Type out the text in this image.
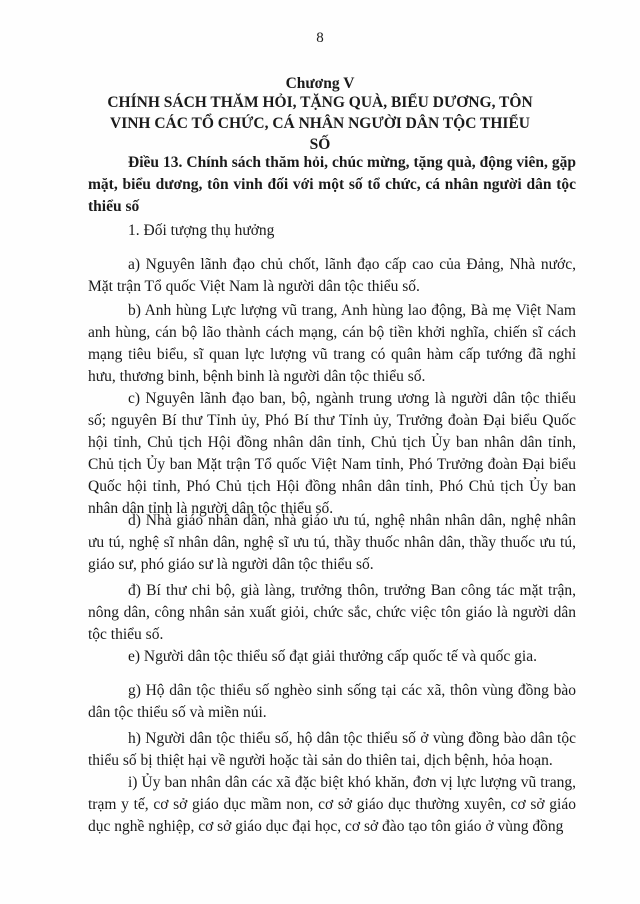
8
Chương V
CHÍNH SÁCH THĂM HỎI, TẶNG QUÀ, BIỂU DƯƠNG, TÔN VINH CÁC TỔ CHỨC, CÁ NHÂN NGƯỜI DÂN TỘC THIỂU SỐ
Điều 13. Chính sách thăm hỏi, chúc mừng, tặng quà, động viên, gặp mặt, biểu dương, tôn vinh đối với một số tổ chức, cá nhân người dân tộc thiểu số

1. Đối tượng thụ hưởng

a) Nguyên lãnh đạo chủ chốt, lãnh đạo cấp cao của Đảng, Nhà nước, Mặt trận Tổ quốc Việt Nam là người dân tộc thiểu số.

b) Anh hùng Lực lượng vũ trang, Anh hùng lao động, Bà mẹ Việt Nam anh hùng, cán bộ lão thành cách mạng, cán bộ tiền khởi nghĩa, chiến sĩ cách mạng tiêu biểu, sĩ quan lực lượng vũ trang có quân hàm cấp tướng đã nghỉ hưu, thương binh, bệnh binh là người dân tộc thiểu số.

c) Nguyên lãnh đạo ban, bộ, ngành trung ương là người dân tộc thiểu số; nguyên Bí thư Tỉnh ủy, Phó Bí thư Tỉnh ủy, Trưởng đoàn Đại biểu Quốc hội tỉnh, Chủ tịch Hội đồng nhân dân tỉnh, Chủ tịch Ủy ban nhân dân tỉnh, Chủ tịch Ủy ban Mặt trận Tổ quốc Việt Nam tỉnh, Phó Trưởng đoàn Đại biểu Quốc hội tỉnh, Phó Chủ tịch Hội đồng nhân dân tỉnh, Phó Chủ tịch Ủy ban nhân dân tỉnh là người dân tộc thiểu số.

d) Nhà giáo nhân dân, nhà giáo ưu tú, nghệ nhân nhân dân, nghệ nhân ưu tú, nghệ sĩ nhân dân, nghệ sĩ ưu tú, thầy thuốc nhân dân, thầy thuốc ưu tú, giáo sư, phó giáo sư là người dân tộc thiểu số.

đ) Bí thư chi bộ, già làng, trưởng thôn, trưởng Ban công tác mặt trận, nông dân, công nhân sản xuất giỏi, chức sắc, chức việc tôn giáo là người dân tộc thiểu số.

e) Người dân tộc thiểu số đạt giải thưởng cấp quốc tế và quốc gia.

g) Hộ dân tộc thiểu số nghèo sinh sống tại các xã, thôn vùng đồng bào dân tộc thiểu số và miền núi.

h) Người dân tộc thiểu số, hộ dân tộc thiểu số ở vùng đồng bào dân tộc thiểu số bị thiệt hại về người hoặc tài sản do thiên tai, dịch bệnh, hỏa hoạn.

i) Ủy ban nhân dân các xã đặc biệt khó khăn, đơn vị lực lượng vũ trang, trạm y tế, cơ sở giáo dục mầm non, cơ sở giáo dục thường xuyên, cơ sở giáo dục nghề nghiệp, cơ sở giáo dục đại học, cơ sở đào tạo tôn giáo ở vùng đồng
